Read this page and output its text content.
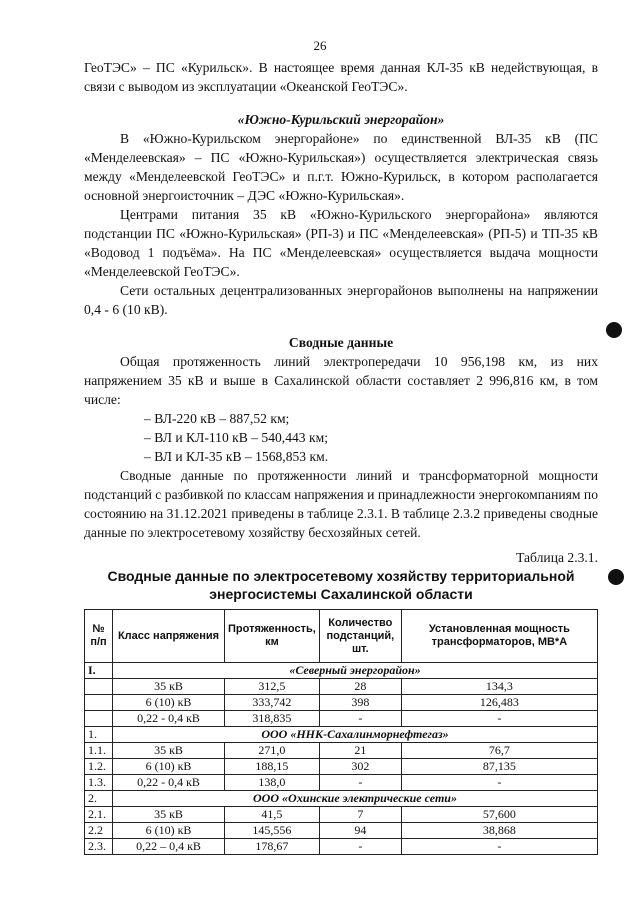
26

ГеоТЭС» – ПС «Курильск». В настоящее время данная КЛ-35 кВ недействующая, в связи с выводом из эксплуатации «Океанской ГеоТЭС».

«Южно-Курильский энергорайон»

В «Южно-Курильском энергорайоне» по единственной ВЛ-35 кВ (ПС «Менделеевская» – ПС «Южно-Курильская») осуществляется электрическая связь между «Менделеевской ГеоТЭС» и п.г.т. Южно-Курильск, в котором располагается основной энергоисточник – ДЭС «Южно-Курильская».

Центрами питания 35 кВ «Южно-Курильского энергорайона» являются подстанции ПС «Южно-Курильская» (РП-3) и ПС «Менделеевская» (РП-5) и ТП-35 кВ «Водовод 1 подъёма». На ПС «Менделеевская» осуществляется выдача мощности «Менделеевской ГеоТЭС».

Сети остальных децентрализованных энергорайонов выполнены на напряжении 0,4 - 6 (10 кВ).

Сводные данные

Общая протяженность линий электропередачи 10 956,198 км, из них напряжением 35 кВ и выше в Сахалинской области составляет 2 996,816 км, в том числе:

– ВЛ-220 кВ – 887,52 км;
– ВЛ и КЛ-110 кВ – 540,443 км;
– ВЛ и КЛ-35 кВ – 1568,853 км.

Сводные данные по протяженности линий и трансформаторной мощности подстанций с разбивкой по классам напряжения и принадлежности энергокомпаниям по состоянию на 31.12.2021 приведены в таблице 2.3.1. В таблице 2.3.2 приведены сводные данные по электросетевому хозяйству бесхозяйных сетей.

Таблица 2.3.1.

Сводные данные по электросетевому хозяйству территориальной энергосистемы Сахалинской области

№ п/п	Класс напряжения	Протяженность, км	Количество подстанций, шт.	Установленная мощность трансформаторов, МВ*А
I.	«Северный энергорайон»			
	35 кВ	312,5	28	134,3
	6 (10) кВ	333,742	398	126,483
	0,22 - 0,4 кВ	318,835	-	-
1.	ООО «ННК-Сахалинморнефтегаз»			
1.1.	35 кВ	271,0	21	76,7
1.2.	6 (10) кВ	188,15	302	87,135
1.3.	0,22 - 0,4 кВ	138,0	-	-
2.	ООО «Охинские электрические сети»			
2.1.	35 кВ	41,5	7	57,600
2.2	6 (10) кВ	145,556	94	38,868
2.3.	0,22 – 0,4 кВ	178,67	-	-
